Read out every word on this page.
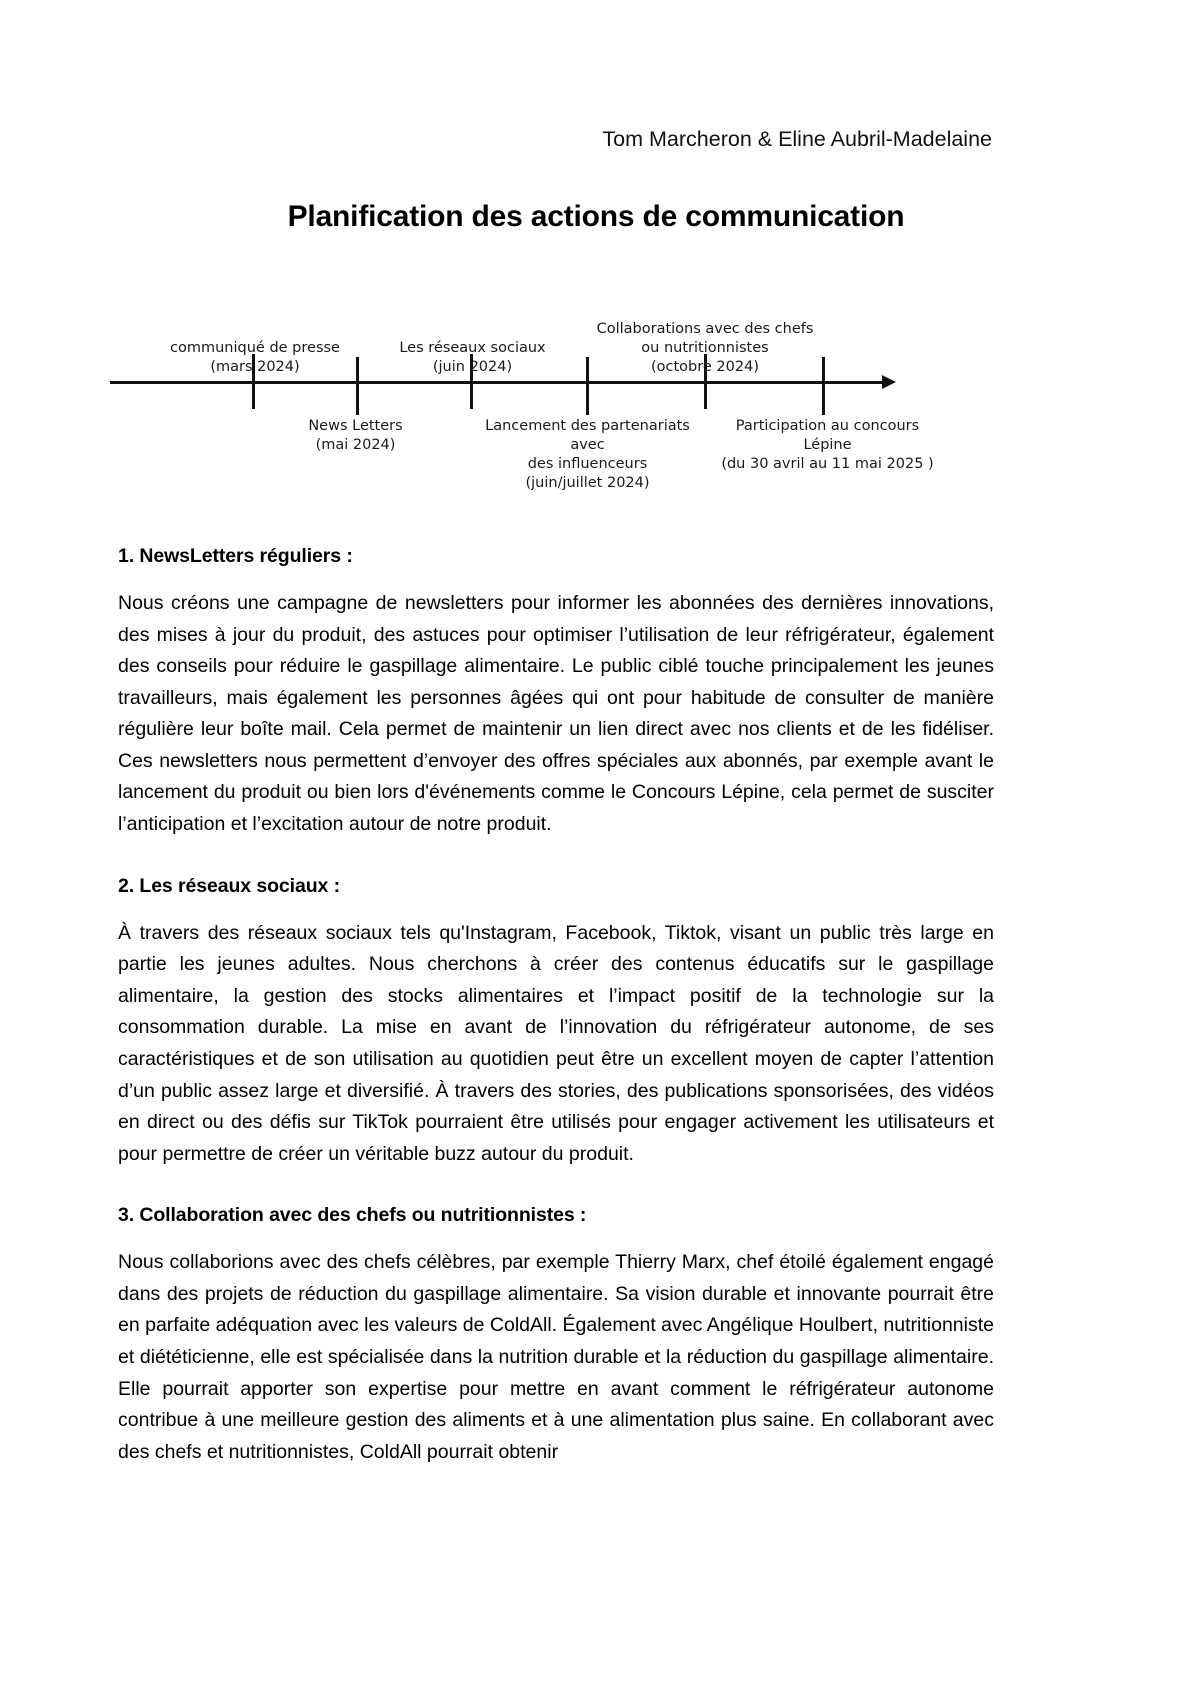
Tom Marcheron & Eline Aubril-Madelaine
Planification des actions de communication
communiqué de presse
(mars 2024)
Les réseaux sociaux
(juin 2024)
Collaborations avec des chefs
ou nutritionnistes
(octobre 2024)
News Letters
(mai 2024)
Lancement des partenariats avec
des influenceurs
(juin/juillet 2024)
Participation au concours Lépine
(du 30 avril au 11 mai 2025 )
1. NewsLetters réguliers :

Nous créons une campagne de newsletters pour informer les abonnées des dernières innovations, des mises à jour du produit, des astuces pour optimiser l’utilisation de leur réfrigérateur, également des conseils pour réduire le gaspillage alimentaire. Le public ciblé touche principalement les jeunes travailleurs, mais également les personnes âgées qui ont pour habitude de consulter de manière régulière leur boîte mail. Cela permet de maintenir un lien direct avec nos clients et de les fidéliser. Ces newsletters nous permettent d’envoyer des offres spéciales aux abonnés, par exemple avant le lancement du produit ou bien lors d'événements comme le Concours Lépine, cela permet de susciter l’anticipation et l’excitation autour de notre produit.

2. Les réseaux sociaux :

À travers des réseaux sociaux tels qu'Instagram, Facebook, Tiktok, visant un public très large en partie les jeunes adultes. Nous cherchons à créer des contenus éducatifs sur le gaspillage alimentaire, la gestion des stocks alimentaires et l’impact positif de la technologie sur la consommation durable. La mise en avant de l’innovation du réfrigérateur autonome, de ses caractéristiques et de son utilisation au quotidien peut être un excellent moyen de capter l’attention d’un public assez large et diversifié. À travers des stories, des publications sponsorisées, des vidéos en direct ou des défis sur TikTok pourraient être utilisés pour engager activement les utilisateurs et pour permettre de créer un véritable buzz autour du produit.

3. Collaboration avec des chefs ou nutritionnistes :

Nous collaborions avec des chefs célèbres, par exemple Thierry Marx, chef étoilé également engagé dans des projets de réduction du gaspillage alimentaire. Sa vision durable et innovante pourrait être en parfaite adéquation avec les valeurs de ColdAll. Également avec Angélique Houlbert, nutritionniste et diététicienne, elle est spécialisée dans la nutrition durable et la réduction du gaspillage alimentaire. Elle pourrait apporter son expertise pour mettre en avant comment le réfrigérateur autonome contribue à une meilleure gestion des aliments et à une alimentation plus saine. En collaborant avec des chefs et nutritionnistes, ColdAll pourrait obtenir
